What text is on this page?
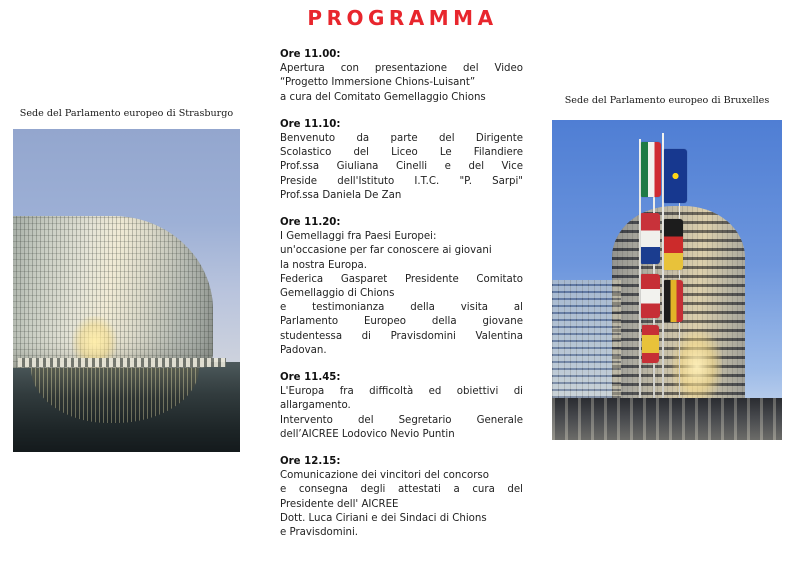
PROGRAMMA
Sede del Parlamento europeo di Strasburgo
Sede del Parlamento europeo di Bruxelles
Ore 11.00:
Apertura con presentazione del Video
“Progetto Immersione Chions-Luisant”
a cura del Comitato Gemellaggio Chions
Ore 11.10:
Benvenuto da parte del Dirigente
Scolastico del Liceo Le Filandiere
Prof.ssa Giuliana Cinelli e del Vice
Preside dell'Istituto I.T.C. "P. Sarpi"
Prof.ssa Daniela De Zan
Ore 11.20:
I Gemellaggi fra Paesi Europei:
un'occasione per far conoscere ai giovani
la nostra Europa.
Federica Gasparet Presidente Comitato
Gemellaggio di Chions
e testimonianza della visita al
Parlamento Europeo della giovane
studentessa di Pravisdomini Valentina
Padovan.
Ore 11.45:
L'Europa fra difficoltà ed obiettivi di
allargamento.
Intervento del Segretario Generale
dell’AICREE Lodovico Nevio Puntin
Ore 12.15:
Comunicazione dei vincitori del concorso
e consegna degli attestati a cura del
Presidente dell' AICREE
Dott. Luca Ciriani e dei Sindaci di Chions
e Pravisdomini.
